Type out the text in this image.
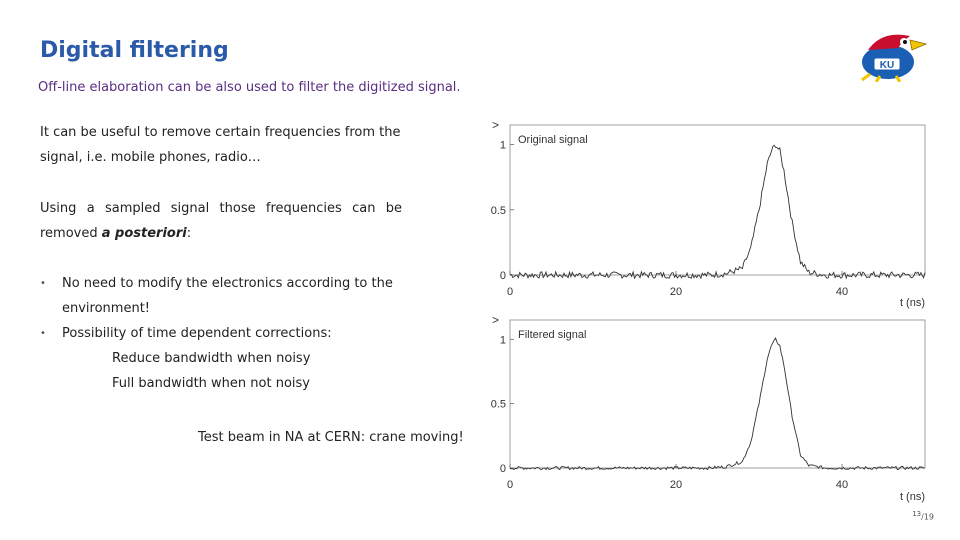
Digital filtering
Off-line elaboration can be also used to filter the digitized signal.
It can be useful to remove certain frequencies from the
signal, i.e. mobile phones, radio…
Using a sampled signal those frequencies can be
removed a posteriori:
• No need to modify the electronics according to the
environment!
• Possibility of time dependent corrections:
Reduce bandwidth when noisy
Full bandwidth when not noisy
Test beam in NA at CERN: crane moving!
KU
>
0
0.5
1
0	20	40
t (ns)
Original signal
>
0
0.5
1
0	20	40
t (ns)
Filtered signal
$^{13}$/19
